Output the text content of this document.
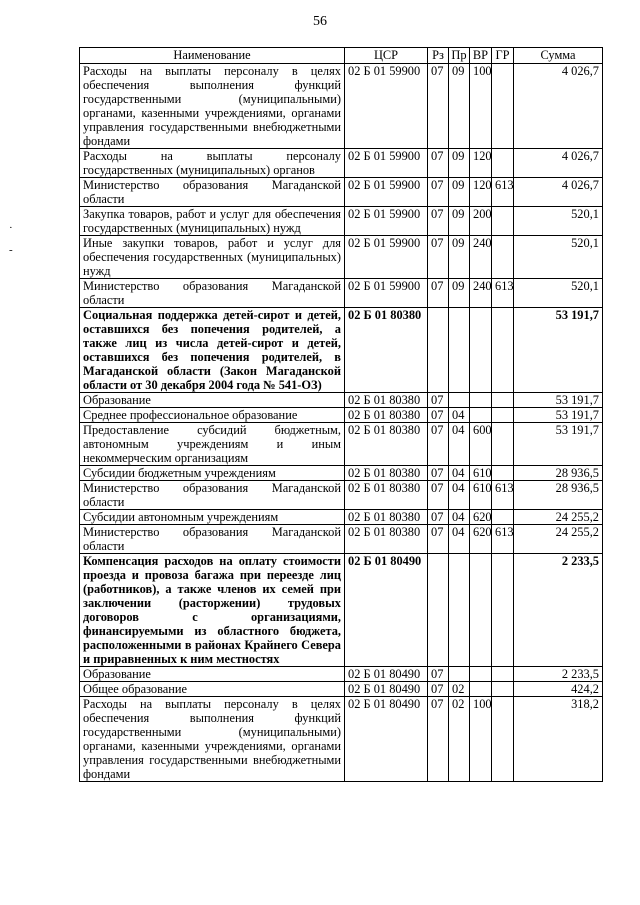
56
·
-
Наименование	ЦСР	Рз	Пр	ВР	ГР	Сумма
Расходы на выплаты персоналу в целях обеспечения выполнения функций государственными (муниципальными) органами, казенными учреждениями, органами управления государственными внебюджетными фондами	02 Б 01 59900	07	09	100		4 026,7
Расходы на выплаты персоналу государственных (муниципальных) органов	02 Б 01 59900	07	09	120		4 026,7
Министерство образования Магаданской области	02 Б 01 59900	07	09	120	613	4 026,7
Закупка товаров, работ и услуг для обеспечения государственных (муниципальных) нужд	02 Б 01 59900	07	09	200		520,1
Иные закупки товаров, работ и услуг для обеспечения государственных (муниципальных) нужд	02 Б 01 59900	07	09	240		520,1
Министерство образования Магаданской области	02 Б 01 59900	07	09	240	613	520,1
Социальная поддержка детей-сирот и детей, оставшихся без попечения родителей, а также лиц из числа детей-сирот и детей, оставшихся без попечения родителей, в Магаданской области (Закон Магаданской области от 30 декабря 2004 года № 541-ОЗ)	02 Б 01 80380					53 191,7
Образование	02 Б 01 80380	07				53 191,7
Среднее профессиональное образование	02 Б 01 80380	07	04			53 191,7
Предоставление субсидий бюджетным, автономным учреждениям и иным некоммерческим организациям	02 Б 01 80380	07	04	600		53 191,7
Субсидии бюджетным учреждениям	02 Б 01 80380	07	04	610		28 936,5
Министерство образования Магаданской области	02 Б 01 80380	07	04	610	613	28 936,5
Субсидии автономным учреждениям	02 Б 01 80380	07	04	620		24 255,2
Министерство образования Магаданской области	02 Б 01 80380	07	04	620	613	24 255,2
Компенсация расходов на оплату стоимости проезда и провоза багажа при переезде лиц (работников), а также членов их семей при заключении (расторжении) трудовых договоров с организациями, финансируемыми из областного бюджета, расположенными в районах Крайнего Севера и приравненных к ним местностях	02 Б 01 80490					2 233,5
Образование	02 Б 01 80490	07				2 233,5
Общее образование	02 Б 01 80490	07	02			424,2
Расходы на выплаты персоналу в целях обеспечения выполнения функций государственными (муниципальными) органами, казенными учреждениями, органами управления государственными внебюджетными фондами	02 Б 01 80490	07	02	100		318,2
